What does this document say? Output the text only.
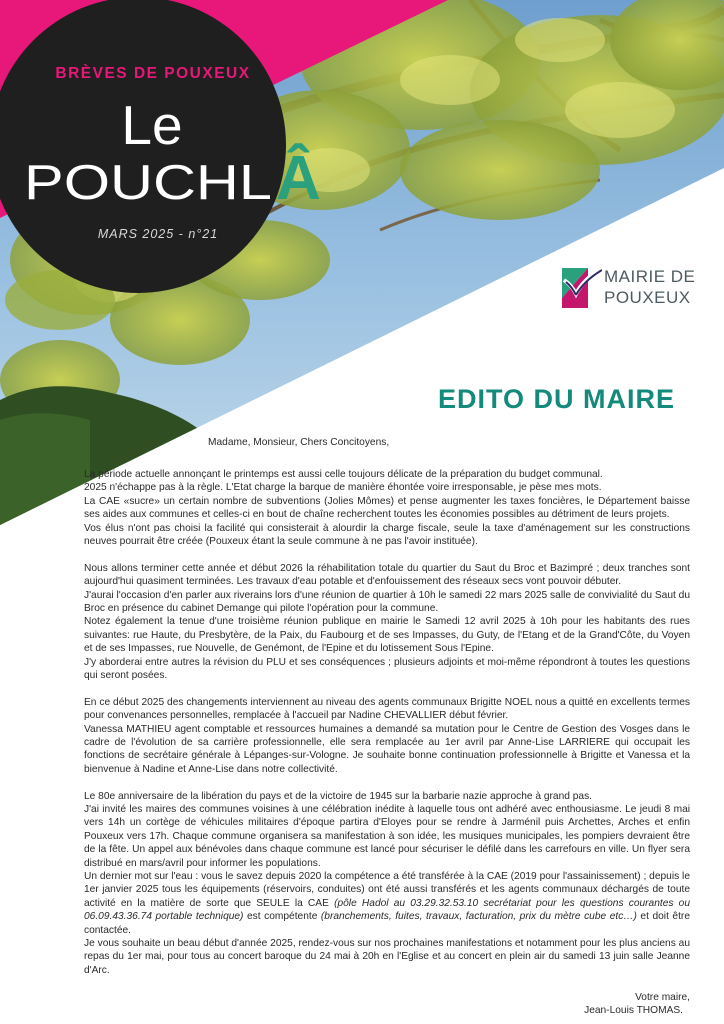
BRÈVES DE POUXEUX
Le
POUCHL Â
MARS 2025 - n°21
MAIRIE DE
POUXEUX
EDITO DU MAIRE

Madame, Monsieur, Chers Concitoyens,

La période actuelle annonçant le printemps est aussi celle toujours délicate de la préparation du budget communal.

2025 n'échappe pas à la règle. L'Etat charge la barque de manière éhontée voire irresponsable, je pèse mes mots.

La CAE «sucre» un certain nombre de subventions (Jolies Mômes) et pense augmenter les taxes foncières, le Département baisse ses aides aux communes et celles-ci en bout de chaîne recherchent toutes les économies possibles au détriment de leurs projets.

Vos élus n'ont pas choisi la facilité qui consisterait à alourdir la charge fiscale, seule la taxe d'aménagement sur les constructions neuves pourrait être créée (Pouxeux étant la seule commune à ne pas l'avoir instituée).

Nous allons terminer cette année et début 2026 la réhabilitation totale du quartier du Saut du Broc et Bazimpré ; deux tranches sont aujourd'hui quasiment terminées. Les travaux d'eau potable et d'enfouissement des réseaux secs vont pouvoir débuter.

J'aurai l'occasion d'en parler aux riverains lors d'une réunion de quartier à 10h le samedi 22 mars 2025 salle de convivialité du Saut du Broc en présence du cabinet Demange qui pilote l'opération pour la commune.

Notez également la tenue d'une troisième réunion publique en mairie le Samedi 12 avril 2025 à 10h pour les habitants des rues suivantes: rue Haute, du Presbytère, de la Paix, du Faubourg et de ses Impasses, du Guty, de l'Etang et de la Grand'Côte, du Voyen et de ses Impasses, rue Nouvelle, de Genémont, de l'Epine et du lotissement Sous l'Epine.

J'y aborderai entre autres la révision du PLU et ses conséquences ; plusieurs adjoints et moi-même répondront à toutes les questions qui seront posées.

En ce début 2025 des changements interviennent au niveau des agents communaux Brigitte NOEL nous a quitté en excellents termes pour convenances personnelles, remplacée à l'accueil par Nadine CHEVALLIER début février.

Vanessa MATHIEU agent comptable et ressources humaines a demandé sa mutation pour le Centre de Gestion des Vosges dans le cadre de l'évolution de sa carrière professionnelle, elle sera remplacée au 1er avril par Anne-Lise LARRIERE qui occupait les fonctions de secrétaire générale à Lépanges-sur-Vologne. Je souhaite bonne continuation professionnelle à Brigitte et Vanessa et la bienvenue à Nadine et Anne-Lise dans notre collectivité.

Le 80e anniversaire de la libération du pays et de la victoire de 1945 sur la barbarie nazie approche à grand pas.

J'ai invité les maires des communes voisines à une célébration inédite à laquelle tous ont adhéré avec enthousiasme. Le jeudi 8 mai vers 14h un cortège de véhicules militaires d'époque partira d'Eloyes pour se rendre à Jarménil puis Archettes, Arches et enfin Pouxeux vers 17h. Chaque commune organisera sa manifestation à son idée, les musiques municipales, les pompiers devraient être de la fête. Un appel aux bénévoles dans chaque commune est lancé pour sécuriser le défilé dans les carrefours en ville. Un flyer sera distribué en mars/avril pour informer les populations.

Un dernier mot sur l'eau : vous le savez depuis 2020 la compétence a été transférée à la CAE (2019 pour l'assainissement) ; depuis le 1er janvier 2025 tous les équipements (réservoirs, conduites) ont été aussi transférés et les agents communaux déchargés de toute activité en la matière de sorte que SEULE la CAE (pôle Hadol au 03.29.32.53.10 secrétariat pour les questions courantes ou 06.09.43.36.74 portable technique) est compétente (branchements, fuites, travaux, facturation, prix du mètre cube etc…) et doit être contactée.

Je vous souhaite un beau début d'année 2025, rendez-vous sur nos prochaines manifestations et notamment pour les plus anciens au repas du 1er mai, pour tous au concert baroque du 24 mai à 20h en l'Eglise et au concert en plein air du samedi 13 juin salle Jeanne d'Arc.

Votre maire,

Jean-Louis THOMAS.
